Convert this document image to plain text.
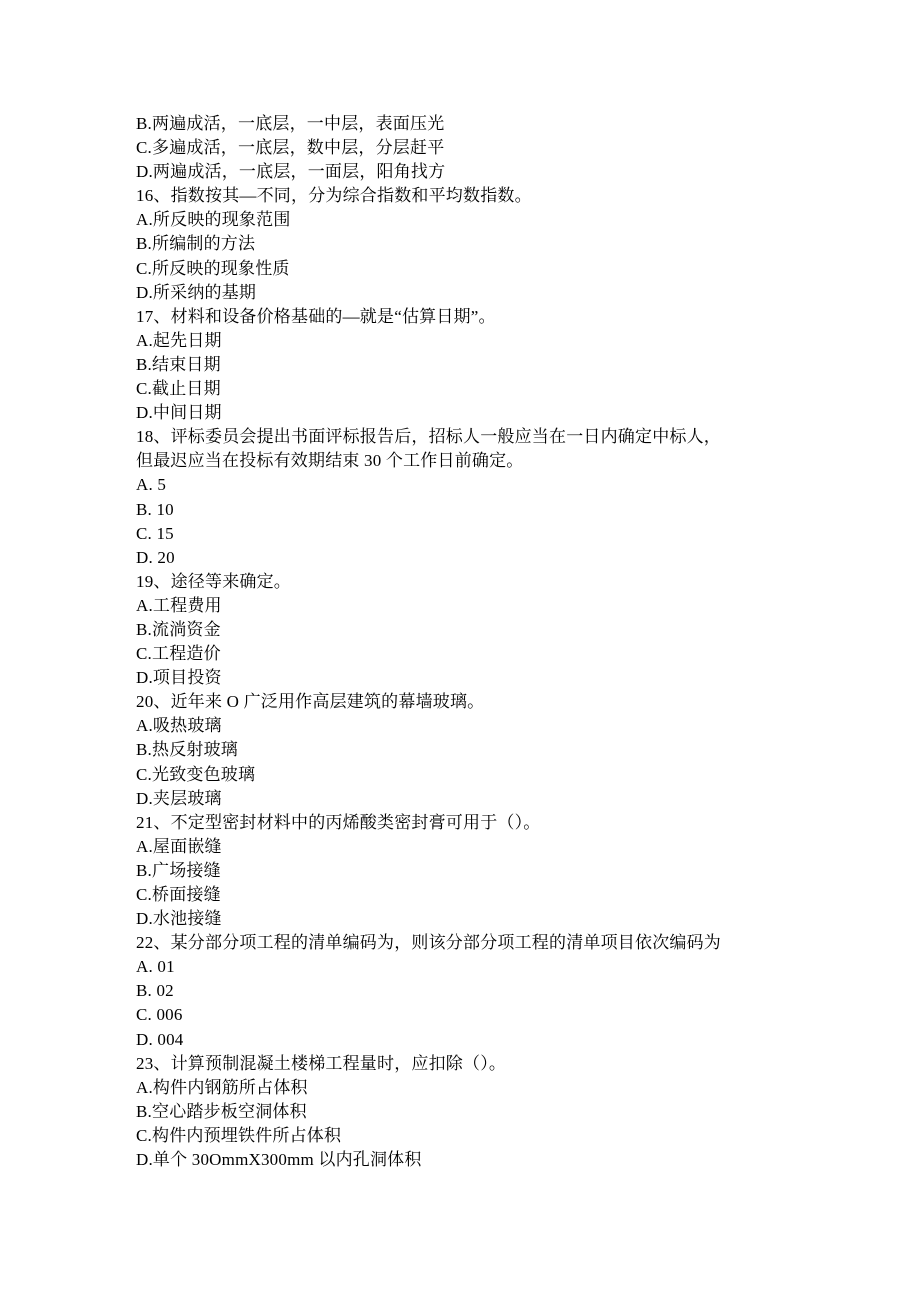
B.两遍成活，一底层，一中层，表面压光
C.多遍成活，一底层，数中层，分层赶平
D.两遍成活，一底层，一面层，阳角找方
16、指数按其—不同，分为综合指数和平均数指数。
A.所反映的现象范围
B.所编制的方法
C.所反映的现象性质
D.所采纳的基期
17、材料和设备价格基础的—就是“估算日期”。
A.起先日期
B.结束日期
C.截止日期
D.中间日期
18、评标委员会提出书面评标报告后，招标人一般应当在一日内确定中标人，
但最迟应当在投标有效期结束 30 个工作日前确定。
A. 5
B. 10
C. 15
D. 20
19、途径等来确定。
A.工程费用
B.流淌资金
C.工程造价
D.项目投资
20、近年来 O 广泛用作高层建筑的幕墙玻璃。
A.吸热玻璃
B.热反射玻璃
C.光致变色玻璃
D.夹层玻璃
21、不定型密封材料中的丙烯酸类密封膏可用于（）。
A.屋面嵌缝
B.广场接缝
C.桥面接缝
D.水池接缝
22、某分部分项工程的清单编码为，则该分部分项工程的清单项目依次编码为
A. 01
B. 02
C. 006
D. 004
23、计算预制混凝土楼梯工程量时，应扣除（）。
A.构件内钢筋所占体积
B.空心踏步板空洞体积
C.构件内预埋铁件所占体积
D.单个 30OmmX300mm 以内孔洞体积
